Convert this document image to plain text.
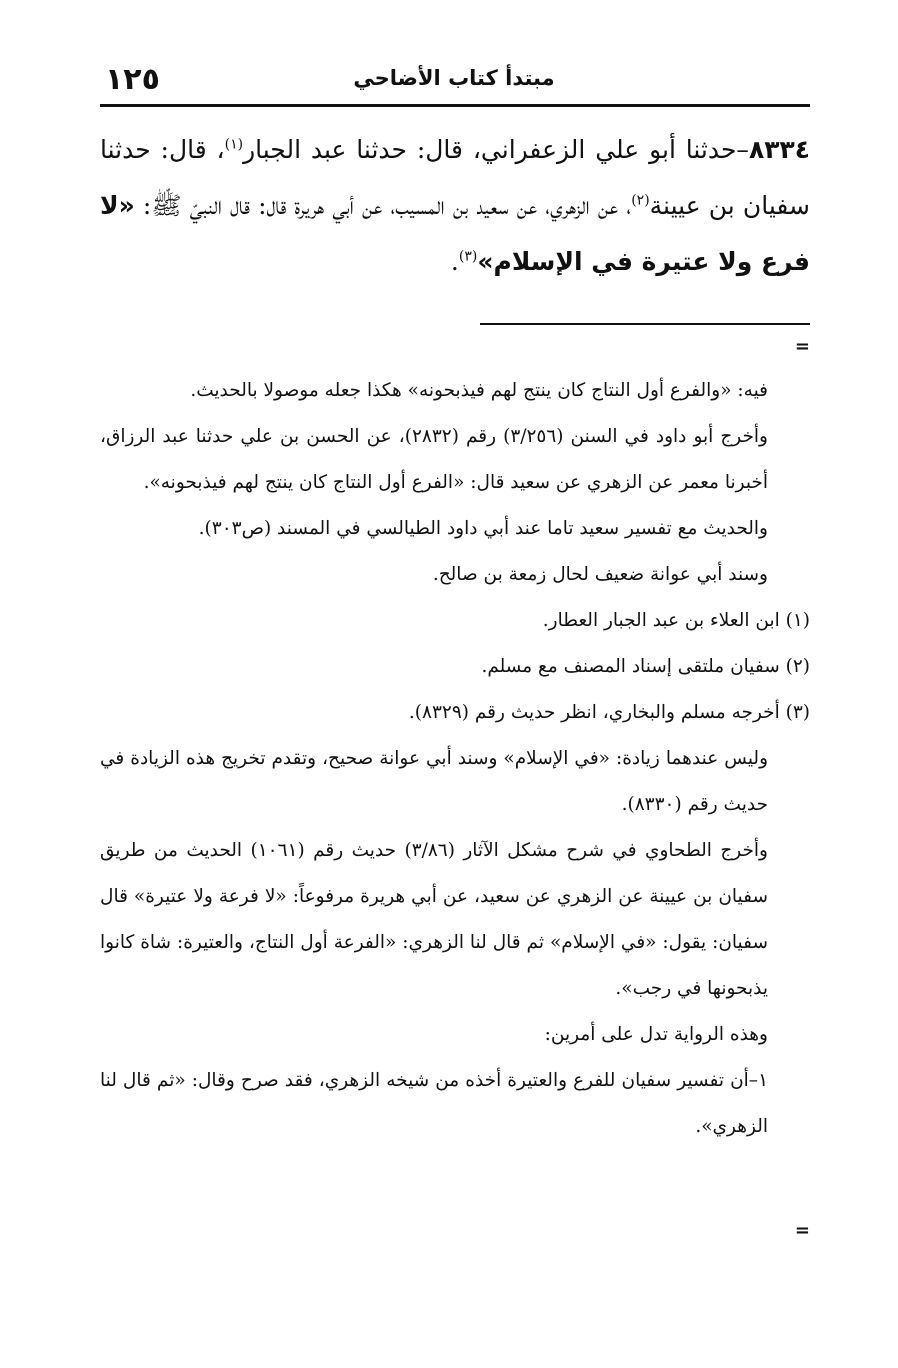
مبتدأ كتاب الأضاحي
١٢٥
٨٣٣٤–حدثنا أبو علي الزعفراني، قال: حدثنا عبد الجبار$^{(١)}$، قال: حدثنا سفيان بن عيينة$^{(٢)}$، عن الزهري، عن سعيد بن المسيب، عن أبي هريرة قال: قال النبيّ ﷺ: «لا فرع ولا عتيرة في الإسلام»$^{(٣)}$.
=

فيه: «والفرع أول النتاج كان ينتج لهم فيذبحونه» هكذا جعله موصولا بالحديث.

وأخرج أبو داود في السنن (٣/٢٥٦) رقم (٢٨٣٢)، عن الحسن بن علي حدثنا عبد الرزاق، أخبرنا معمر عن الزهري عن سعيد قال: «الفرع أول النتاج كان ينتج لهم فيذبحونه».

والحديث مع تفسير سعيد تاما عند أبي داود الطيالسي في المسند (ص٣٠٣).

وسند أبي عوانة ضعيف لحال زمعة بن صالح.

(١) ابن العلاء بن عبد الجبار العطار.

(٢) سفيان ملتقى إسناد المصنف مع مسلم.

(٣) أخرجه مسلم والبخاري، انظر حديث رقم (٨٣٢٩).

وليس عندهما زيادة: «في الإسلام» وسند أبي عوانة صحيح، وتقدم تخريج هذه الزيادة في حديث رقم (٨٣٣٠).

وأخرج الطحاوي في شرح مشكل الآثار (٣/٨٦) حديث رقم (١٠٦١) الحديث من طريق سفيان بن عيينة عن الزهري عن سعيد، عن أبي هريرة مرفوعاً: «لا فرعة ولا عتيرة» قال سفيان: يقول: «في الإسلام» ثم قال لنا الزهري: «الفرعة أول النتاج، والعتيرة: شاة كانوا يذبحونها في رجب».

وهذه الرواية تدل على أمرين:

١–أن تفسير سفيان للفرع والعتيرة أخذه من شيخه الزهري، فقد صرح وقال: «ثم قال لنا الزهري».

=
